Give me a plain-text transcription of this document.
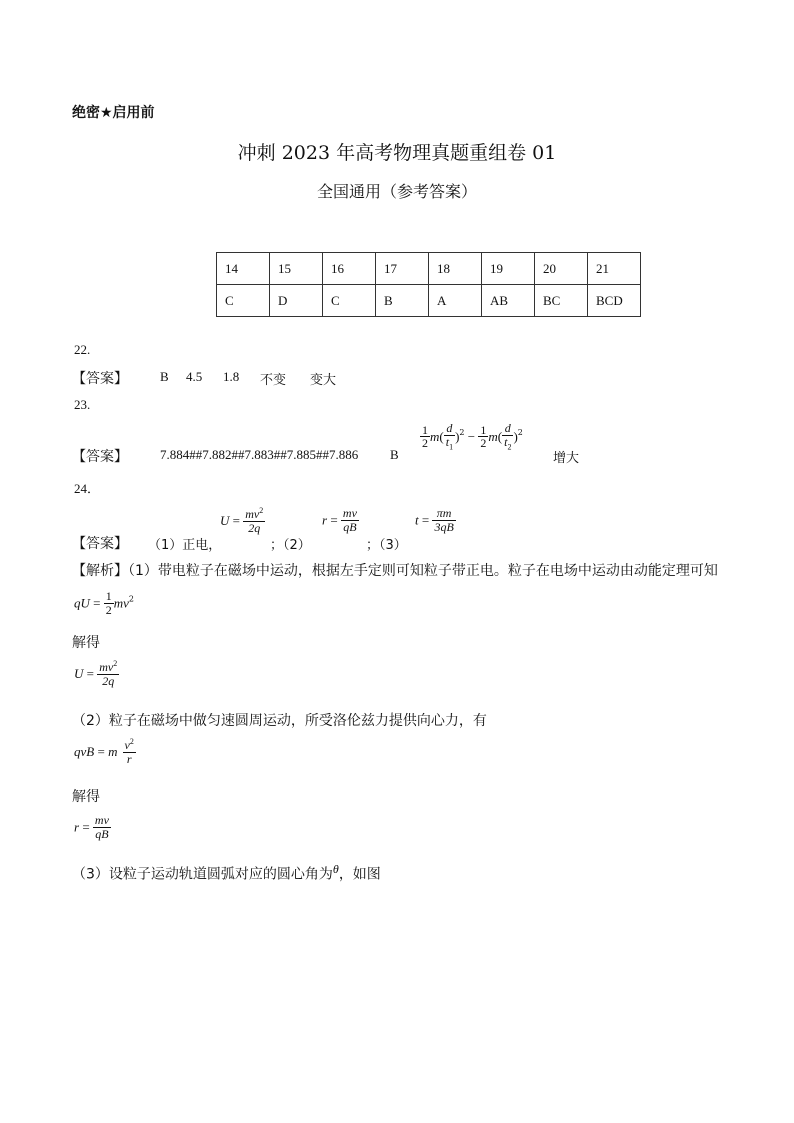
绝密★启用前
冲刺 2023 年高考物理真题重组卷 01
全国通用（参考答案）
14	15	16	17	18	19	20	21
C	D	C	B	A	AB	BC	BCD
22.
【答案】 B 4.5 1.8 不变 变大
23.
【答案】 7.884##7.882##7.883##7.885##7.886 B
$\frac{1}{2} m( \frac{d}{t_1} )^2 - \frac{1}{2} m( \frac{d}{t_2} )^2$
增大
24．
【答案】 （1）正电，
$U = \frac{mv^2}{2q}$
；（2）
$r = \frac{mv}{qB}$
；（3）
$t = \frac{\pi m}{3qB}$
【解析】（1）带电粒子在磁场中运动，根据左手定则可知粒子带正电。粒子在电场中运动由动能定理可知
qU = $\frac{1}{2} mv^2$
解得
$U = \frac{mv^2}{2q}$
（2）粒子在磁场中做匀速圆周运动，所受洛伦兹力提供向心力，有
qvB = m $\frac{v^2}{r}$
解得
$r = \frac{mv}{qB}$
（3）设粒子运动轨道圆弧对应的圆心角为θ，如图
